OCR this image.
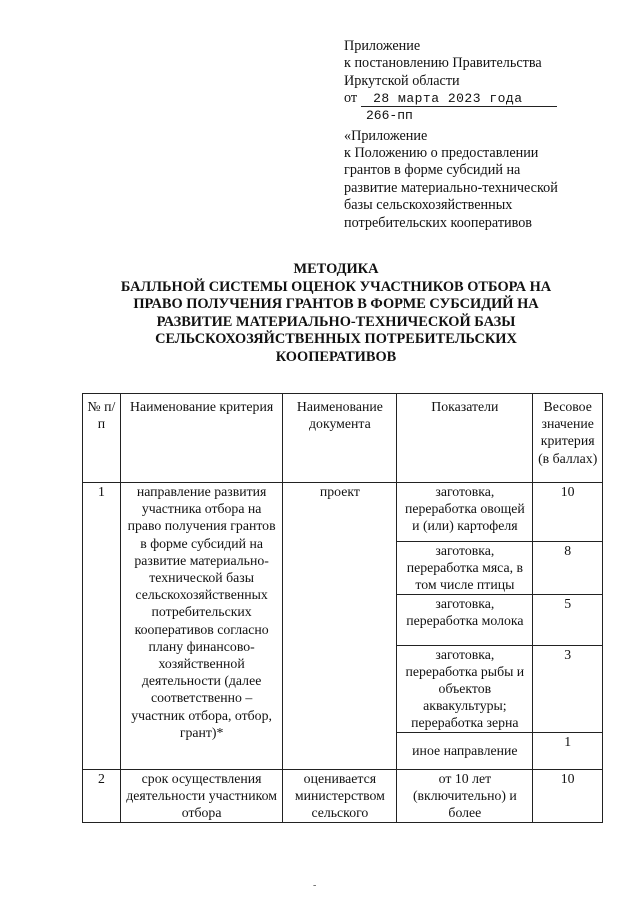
Приложение
к постановлению Правительства
Иркутской области
от	28 марта 2023 года
266-пп
«Приложение
к Положению о предоставлении
грантов в форме субсидий на
развитие материально-технической
базы сельскохозяйственных
потребительских кооперативов
МЕТОДИКА
БАЛЛЬНОЙ СИСТЕМЫ ОЦЕНОК УЧАСТНИКОВ ОТБОРА НА
ПРАВО ПОЛУЧЕНИЯ ГРАНТОВ В ФОРМЕ СУБСИДИЙ НА
РАЗВИТИЕ МАТЕРИАЛЬНО-ТЕХНИЧЕСКОЙ БАЗЫ
СЕЛЬСКОХОЗЯЙСТВЕННЫХ ПОТРЕБИТЕЛЬСКИХ
КООПЕРАТИВОВ
№ п/п	Наименование критерия	Наименование документа	Показатели	Весовое значение критерия (в баллах)
1	направление развития участника отбора на право получения грантов в форме субсидий на развитие материально-технической базы сельскохозяйственных потребительских кооперативов согласно плану финансово-хозяйственной деятельности (далее соответственно – участник отбора, отбор, грант)*	проект	заготовка, переработка овощей и (или) картофеля	10
			заготовка, переработка мяса, в том числе птицы	8
			заготовка, переработка молока	5
			заготовка, переработка рыбы и объектов аквакультуры; переработка зерна	3
			иное направление	1
2	срок осуществления деятельности участником отбора	оценивается министерством сельского	от 10 лет (включительно) и более	10
-
